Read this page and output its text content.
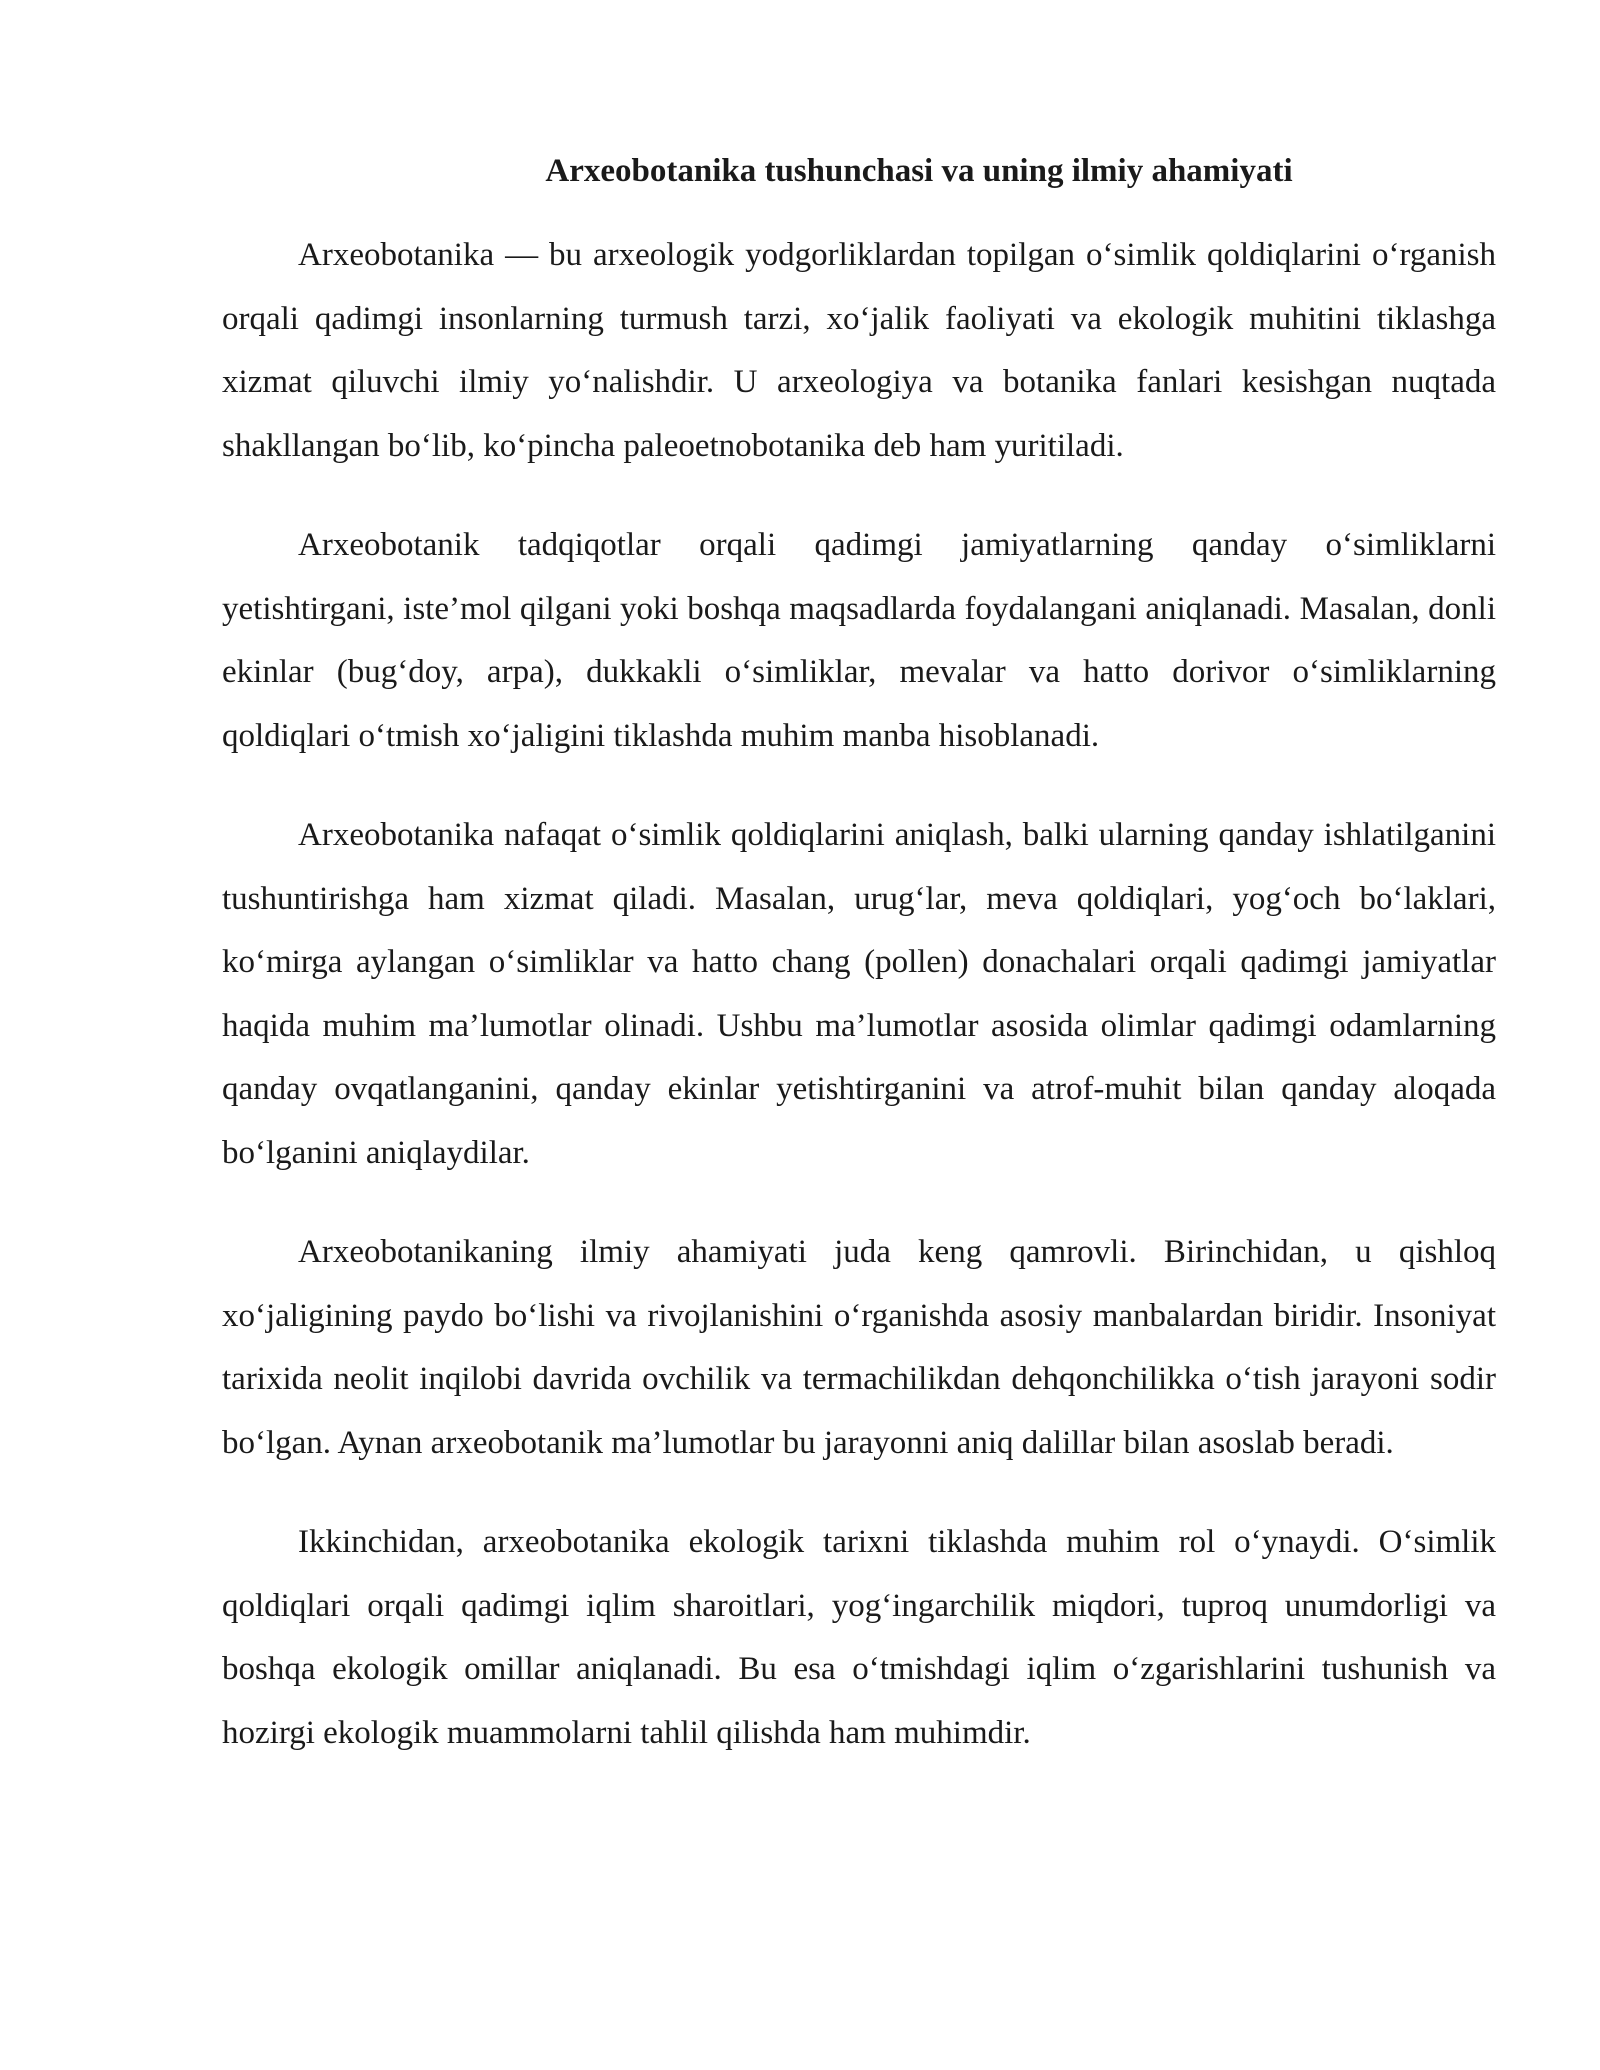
Arxeobotanika tushunchasi va uning ilmiy ahamiyati

Arxeobotanika — bu arxeologik yodgorliklardan topilgan o‘simlik qoldiqlarini o‘rganish orqali qadimgi insonlarning turmush tarzi, xo‘jalik faoliyati va ekologik muhitini tiklashga xizmat qiluvchi ilmiy yo‘nalishdir. U arxeologiya va botanika fanlari kesishgan nuqtada shakllangan bo‘lib, ko‘pincha paleoetnobotanika deb ham yuritiladi.

Arxeobotanik tadqiqotlar orqali qadimgi jamiyatlarning qanday o‘simliklarni yetishtirgani, iste’mol qilgani yoki boshqa maqsadlarda foydalangani aniqlanadi. Masalan, donli ekinlar (bug‘doy, arpa), dukkakli o‘simliklar, mevalar va hatto dorivor o‘simliklarning qoldiqlari o‘tmish xo‘jaligini tiklashda muhim manba hisoblanadi.

Arxeobotanika nafaqat o‘simlik qoldiqlarini aniqlash, balki ularning qanday ishlatilganini tushuntirishga ham xizmat qiladi. Masalan, urug‘lar, meva qoldiqlari, yog‘och bo‘laklari, ko‘mirga aylangan o‘simliklar va hatto chang (pollen) donachalari orqali qadimgi jamiyatlar haqida muhim ma’lumotlar olinadi. Ushbu ma’lumotlar asosida olimlar qadimgi odamlarning qanday ovqatlanganini, qanday ekinlar yetishtirganini va atrof-muhit bilan qanday aloqada bo‘lganini aniqlaydilar.

Arxeobotanikaning ilmiy ahamiyati juda keng qamrovli. Birinchidan, u qishloq xo‘jaligining paydo bo‘lishi va rivojlanishini o‘rganishda asosiy manbalardan biridir. Insoniyat tarixida neolit inqilobi davrida ovchilik va termachilikdan dehqonchilikka o‘tish jarayoni sodir bo‘lgan. Aynan arxeobotanik ma’lumotlar bu jarayonni aniq dalillar bilan asoslab beradi.

Ikkinchidan, arxeobotanika ekologik tarixni tiklashda muhim rol o‘ynaydi. O‘simlik qoldiqlari orqali qadimgi iqlim sharoitlari, yog‘ingarchilik miqdori, tuproq unumdorligi va boshqa ekologik omillar aniqlanadi. Bu esa o‘tmishdagi iqlim o‘zgarishlarini tushunish va hozirgi ekologik muammolarni tahlil qilishda ham muhimdir.
